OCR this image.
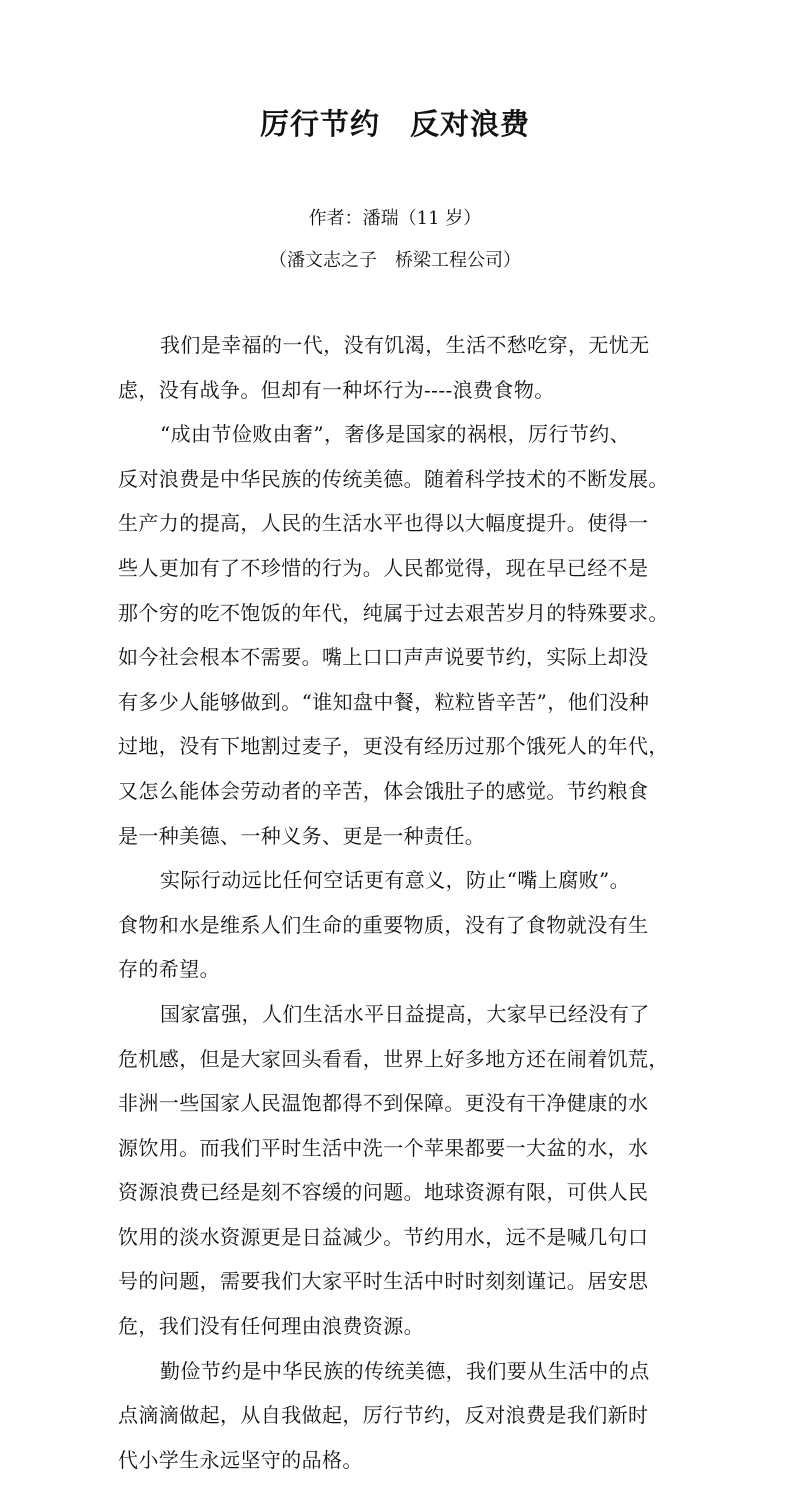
厉行节约　反对浪费
作者：潘瑞（11 岁）
（潘文志之子　桥梁工程公司）
我们是幸福的一代，没有饥渴，生活不愁吃穿，无忧无
虑，没有战争。但却有一种坏行为----浪费食物。
“成由节俭败由奢”，奢侈是国家的祸根，厉行节约、
反对浪费是中华民族的传统美德。随着科学技术的不断发展。
生产力的提高，人民的生活水平也得以大幅度提升。使得一
些人更加有了不珍惜的行为。人民都觉得，现在早已经不是
那个穷的吃不饱饭的年代，纯属于过去艰苦岁月的特殊要求。
如今社会根本不需要。嘴上口口声声说要节约，实际上却没
有多少人能够做到。“谁知盘中餐，粒粒皆辛苦”，他们没种
过地，没有下地割过麦子，更没有经历过那个饿死人的年代，
又怎么能体会劳动者的辛苦，体会饿肚子的感觉。节约粮食
是一种美德、一种义务、更是一种责任。
实际行动远比任何空话更有意义，防止“嘴上腐败”。
食物和水是维系人们生命的重要物质，没有了食物就没有生
存的希望。
国家富强，人们生活水平日益提高，大家早已经没有了
危机感，但是大家回头看看，世界上好多地方还在闹着饥荒，
非洲一些国家人民温饱都得不到保障。更没有干净健康的水
源饮用。而我们平时生活中洗一个苹果都要一大盆的水，水
资源浪费已经是刻不容缓的问题。地球资源有限，可供人民
饮用的淡水资源更是日益减少。节约用水，远不是喊几句口
号的问题，需要我们大家平时生活中时时刻刻谨记。居安思
危，我们没有任何理由浪费资源。
勤俭节约是中华民族的传统美德，我们要从生活中的点
点滴滴做起，从自我做起，厉行节约，反对浪费是我们新时
代小学生永远坚守的品格。
